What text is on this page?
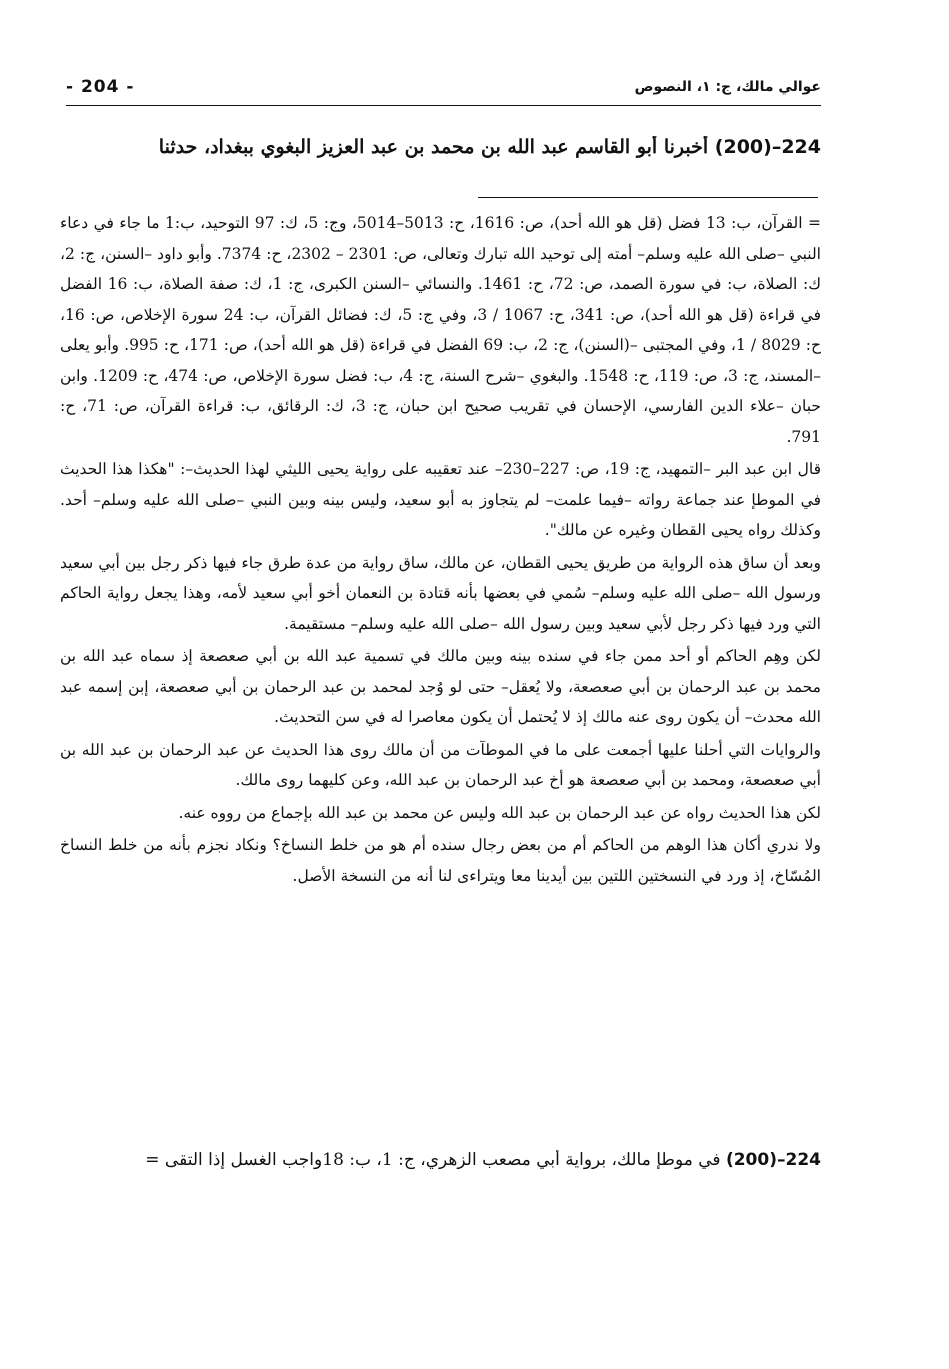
- 204 -	عوالي مالك، ج: ١، النصوص
224–(200) أخبرنا أبو القاسم عبد الله بن محمد بن عبد العزيز البغوي ببغداد، حدثنا

= القرآن، ب: 13 فضل (قل هو الله أحد)، ص: 1616، ح: 5013–5014، وج: 5، ك: 97 التوحيد، ب:1 ما جاء في دعاء النبي –صلى الله عليه وسلم– أمته إلى توحيد الله تبارك وتعالى، ص: 2301 – 2302، ح: 7374. وأبو داود –السنن، ج: 2، ك: الصلاة، ب: في سورة الصمد، ص: 72، ح: 1461. والنسائي –السنن الكبرى، ج: 1، ك: صفة الصلاة، ب: 16 الفضل في قراءة (قل هو الله أحد)، ص: 341، ح: 1067 / 3، وفي ج: 5، ك: فضائل القرآن، ب: 24 سورة الإخلاص، ص: 16، ح: 8029 / 1، وفي المجتبى –(السنن)، ج: 2، ب: 69 الفضل في قراءة (قل هو الله أحد)، ص: 171، ح: 995. وأبو يعلى –المسند، ج: 3، ص: 119، ح: 1548. والبغوي –شرح السنة، ج: 4، ب: فضل سورة الإخلاص، ص: 474، ح: 1209. وابن حبان –علاء الدين الفارسي، الإحسان في تقريب صحيح ابن حبان، ج: 3، ك: الرقائق، ب: قراءة القرآن، ص: 71، ح: 791.

قال ابن عبد البر –التمهيد، ج: 19، ص: 227–230– عند تعقيبه على رواية يحيى الليثي لهذا الحديث–: "هكذا هذا الحديث في الموطإ عند جماعة رواته –فيما علمت– لم يتجاوز به أبو سعيد، وليس بينه وبين النبي –صلى الله عليه وسلم– أحد. وكذلك رواه يحيى القطان وغيره عن مالك".

وبعد أن ساق هذه الرواية من طريق يحيى القطان، عن مالك، ساق رواية من عدة طرق جاء فيها ذكر رجل بين أبي سعيد ورسول الله –صلى الله عليه وسلم– سُمي في بعضها بأنه قتادة بن النعمان أخو أبي سعيد لأمه، وهذا يجعل رواية الحاكم التي ورد فيها ذكر رجل لأبي سعيد وبين رسول الله –صلى الله عليه وسلم– مستقيمة.

لكن وهِم الحاكم أو أحد ممن جاء في سنده بينه وبين مالك في تسمية عبد الله بن أبي صعصعة إذ سماه عبد الله بن محمد بن عبد الرحمان بن أبي صعصعة، ولا يُعقل– حتى لو وُجد لمحمد بن عبد الرحمان بن أبي صعصعة، إبن إسمه عبد الله محدث– أن يكون روى عنه مالك إذ لا يُحتمل أن يكون معاصرا له في سن التحديث.

والروايات التي أحلنا عليها أجمعت على ما في الموطآت من أن مالك روى هذا الحديث عن عبد الرحمان بن عبد الله بن أبي صعصعة، ومحمد بن أبي صعصعة هو أخ عبد الرحمان بن عبد الله، وعن كليهما روى مالك.

لكن هذا الحديث رواه عن عبد الرحمان بن عبد الله وليس عن محمد بن عبد الله بإجماع من رووه عنه.

ولا ندري أكان هذا الوهم من الحاكم أم من بعض رجال سنده أم هو من خلط النساخ؟ ونكاد نجزم بأنه من خلط النساخ المُسّاخ، إذ ورد في النسختين اللتين بين أيدينا معا ويتراءى لنا أنه من النسخة الأصل.

224–(200) في موطإ مالك، برواية أبي مصعب الزهري، ج: 1، ب: 18واجب الغسل إذا التقى =
